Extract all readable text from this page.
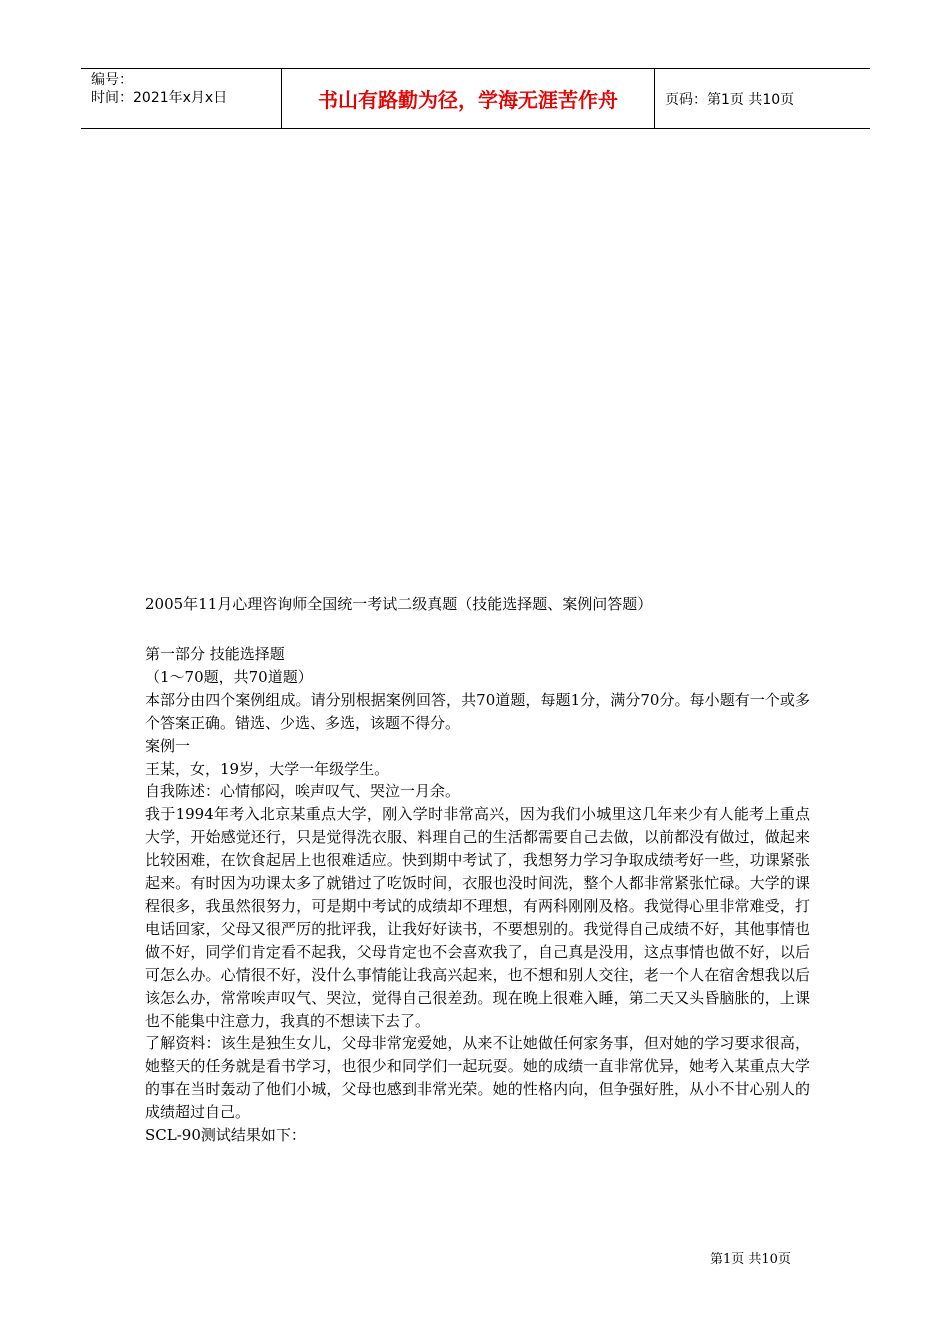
编号：
时间：2021年x月x日	书山有路勤为径，学海无涯苦作舟	页码：第1页 共10页
2005年11月心理咨询师全国统一考试二级真题（技能选择题、案例问答题）

第一部分 技能选择题

（1～70题，共70道题）

本部分由四个案例组成。请分别根据案例回答，共70道题，每题1分，满分70分。每小题有一个或多个答案正确。错选、少选、多选，该题不得分。

案例一

王某，女，19岁，大学一年级学生。

自我陈述：心情郁闷，唉声叹气、哭泣一月余。

我于1994年考入北京某重点大学，刚入学时非常高兴，因为我们小城里这几年来少有人能考上重点大学，开始感觉还行，只是觉得洗衣服、料理自己的生活都需要自己去做，以前都没有做过，做起来比较困难，在饮食起居上也很难适应。快到期中考试了，我想努力学习争取成绩考好一些，功课紧张起来。有时因为功课太多了就错过了吃饭时间，衣服也没时间洗，整个人都非常紧张忙碌。大学的课程很多，我虽然很努力，可是期中考试的成绩却不理想，有两科刚刚及格。我觉得心里非常难受，打电话回家，父母又很严厉的批评我，让我好好读书，不要想别的。我觉得自己成绩不好，其他事情也做不好，同学们肯定看不起我，父母肯定也不会喜欢我了，自己真是没用，这点事情也做不好，以后可怎么办。心情很不好，没什么事情能让我高兴起来，也不想和别人交往，老一个人在宿舍想我以后该怎么办，常常唉声叹气、哭泣，觉得自己很差劲。现在晚上很难入睡，第二天又头昏脑胀的，上课也不能集中注意力，我真的不想读下去了。

了解资料：该生是独生女儿，父母非常宠爱她，从来不让她做任何家务事，但对她的学习要求很高，她整天的任务就是看书学习，也很少和同学们一起玩耍。她的成绩一直非常优异，她考入某重点大学的事在当时轰动了他们小城，父母也感到非常光荣。她的性格内向，但争强好胜，从小不甘心别人的成绩超过自己。

SCL-90测试结果如下：

第1页 共10页
